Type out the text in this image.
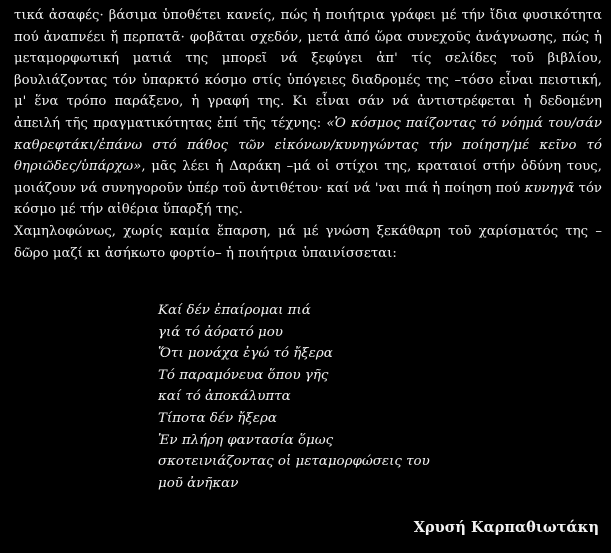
τικά ἀσαφές· βάσιμα ὑποθέτει κανείς, πώς ἡ ποιήτρια γράφει μέ τήν ἴδια φυσικότητα πού ἀναπνέει ἤ περπατᾶ· φοβᾶται σχεδόν, μετά ἀπό ὥρα συνεχοῦς ἀνάγνωσης, πώς ἡ μεταμορφωτική ματιά της μπορεῖ νά ξεφύγει ἀπ' τίς σελίδες τοῦ βιβλίου, βουλιάζοντας τόν ὑπαρκτό κόσμο στίς ὑπόγειες διαδρομές της –τόσο εἶναι πειστική, μ' ἕνα τρόπο παράξενο, ἡ γραφή της. Κι εἶναι σάν νά ἀντιστρέφεται ἡ δεδομένη ἀπειλή τῆς πραγματικότητας ἐπί τῆς τέχνης: «Ὁ κόσμος παίζοντας τό νόημά του/σάν καθρεφτάκι/ἐπάνω στό πάθος τῶν εἰκόνων/κυνηγώντας τήν ποίηση/μέ κεῖνο τό θηριῶδες/ὑπάρχω», μᾶς λέει ἡ Δαράκη –μά οἱ στίχοι της, κραταιοί στήν ὀδύνη τους, μοιάζουν νά συνηγοροῦν ὑπέρ τοῦ ἀντιθέτου· καί νά 'ναι πιά ἡ ποίηση πού κυνηγᾶ τόν κόσμο μέ τήν αἰθέρια ὕπαρξή της.

Χαμηλοφώνως, χωρίς καμία ἔπαρση, μά μέ γνώση ξεκάθαρη τοῦ χαρίσματός της –δῶρο μαζί κι ἀσήκωτο φορτίο– ἡ ποιήτρια ὑπαινίσσεται:

Καί δέν ἐπαίρομαι πιά
γιά τό ἀόρατό μου
Ὅτι μονάχα ἐγώ τό ἤξερα
Τό παραμόνευα ὅπου γῆς
καί τό ἀποκάλυπτα
Τίποτα δέν ἤξερα
Ἐν πλήρη φαντασία ὅμως
σκοτεινιάζοντας οἱ μεταμορφώσεις του
μοῦ ἀνῆκαν
Χρυσή Καρπαθιωτάκη
